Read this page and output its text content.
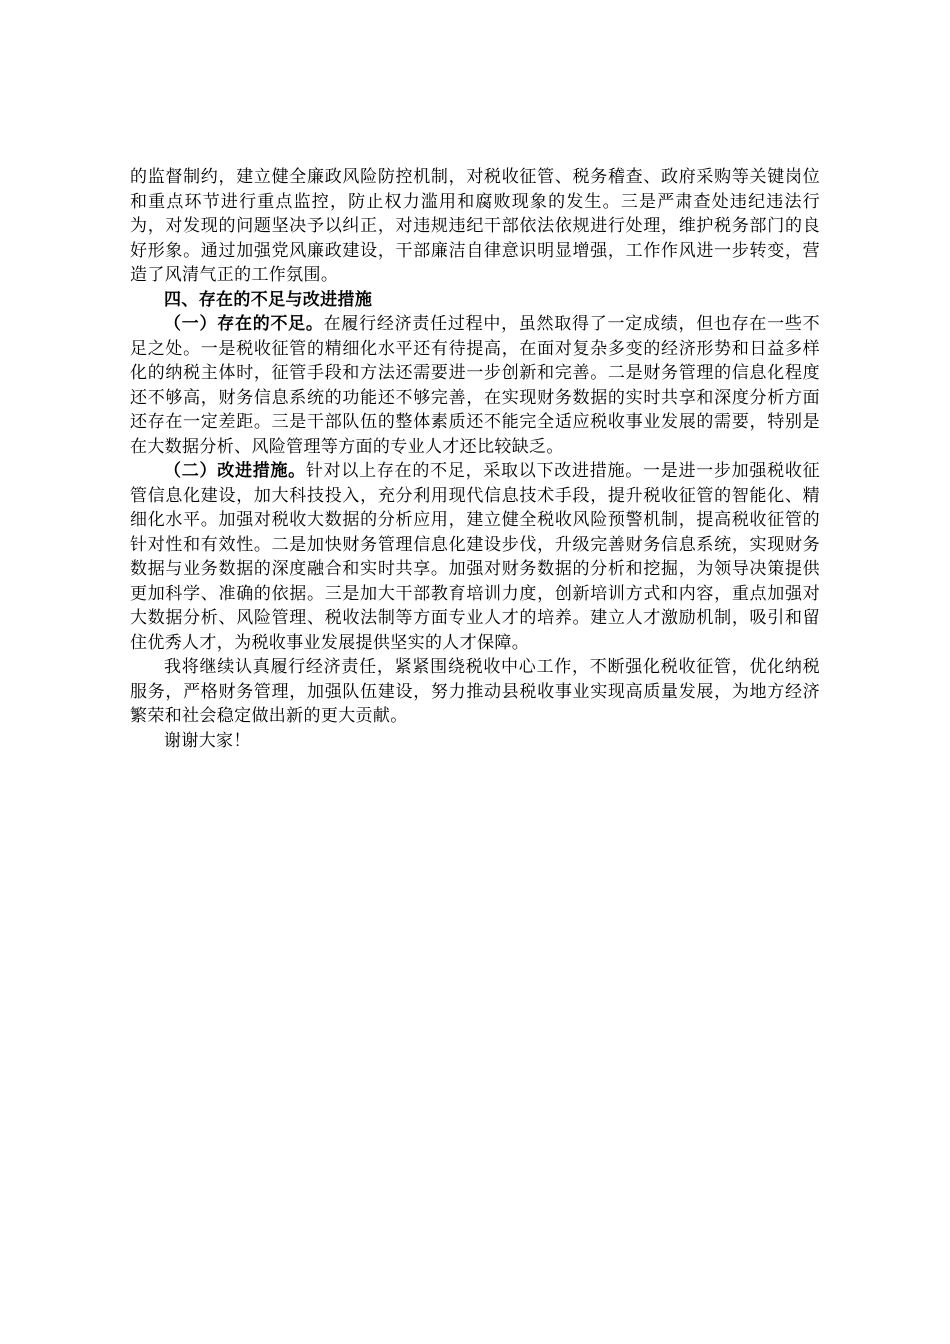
的监督制约，建立健全廉政风险防控机制，对税收征管、税务稽查、政府采购等关键岗位和重点环节进行重点监控，防止权力滥用和腐败现象的发生。三是严肃查处违纪违法行为，对发现的问题坚决予以纠正，对违规违纪干部依法依规进行处理，维护税务部门的良好形象。通过加强党风廉政建设，干部廉洁自律意识明显增强，工作作风进一步转变，营造了风清气正的工作氛围。

四、存在的不足与改进措施

（一）存在的不足。在履行经济责任过程中，虽然取得了一定成绩，但也存在一些不足之处。一是税收征管的精细化水平还有待提高，在面对复杂多变的经济形势和日益多样化的纳税主体时，征管手段和方法还需要进一步创新和完善。二是财务管理的信息化程度还不够高，财务信息系统的功能还不够完善，在实现财务数据的实时共享和深度分析方面还存在一定差距。三是干部队伍的整体素质还不能完全适应税收事业发展的需要，特别是在大数据分析、风险管理等方面的专业人才还比较缺乏。

（二）改进措施。针对以上存在的不足，采取以下改进措施。一是进一步加强税收征管信息化建设，加大科技投入，充分利用现代信息技术手段，提升税收征管的智能化、精细化水平。加强对税收大数据的分析应用，建立健全税收风险预警机制，提高税收征管的针对性和有效性。二是加快财务管理信息化建设步伐，升级完善财务信息系统，实现财务数据与业务数据的深度融合和实时共享。加强对财务数据的分析和挖掘，为领导决策提供更加科学、准确的依据。三是加大干部教育培训力度，创新培训方式和内容，重点加强对大数据分析、风险管理、税收法制等方面专业人才的培养。建立人才激励机制，吸引和留住优秀人才，为税收事业发展提供坚实的人才保障。

我将继续认真履行经济责任，紧紧围绕税收中心工作，不断强化税收征管，优化纳税服务，严格财务管理，加强队伍建设，努力推动县税收事业实现高质量发展，为地方经济繁荣和社会稳定做出新的更大贡献。

谢谢大家！
